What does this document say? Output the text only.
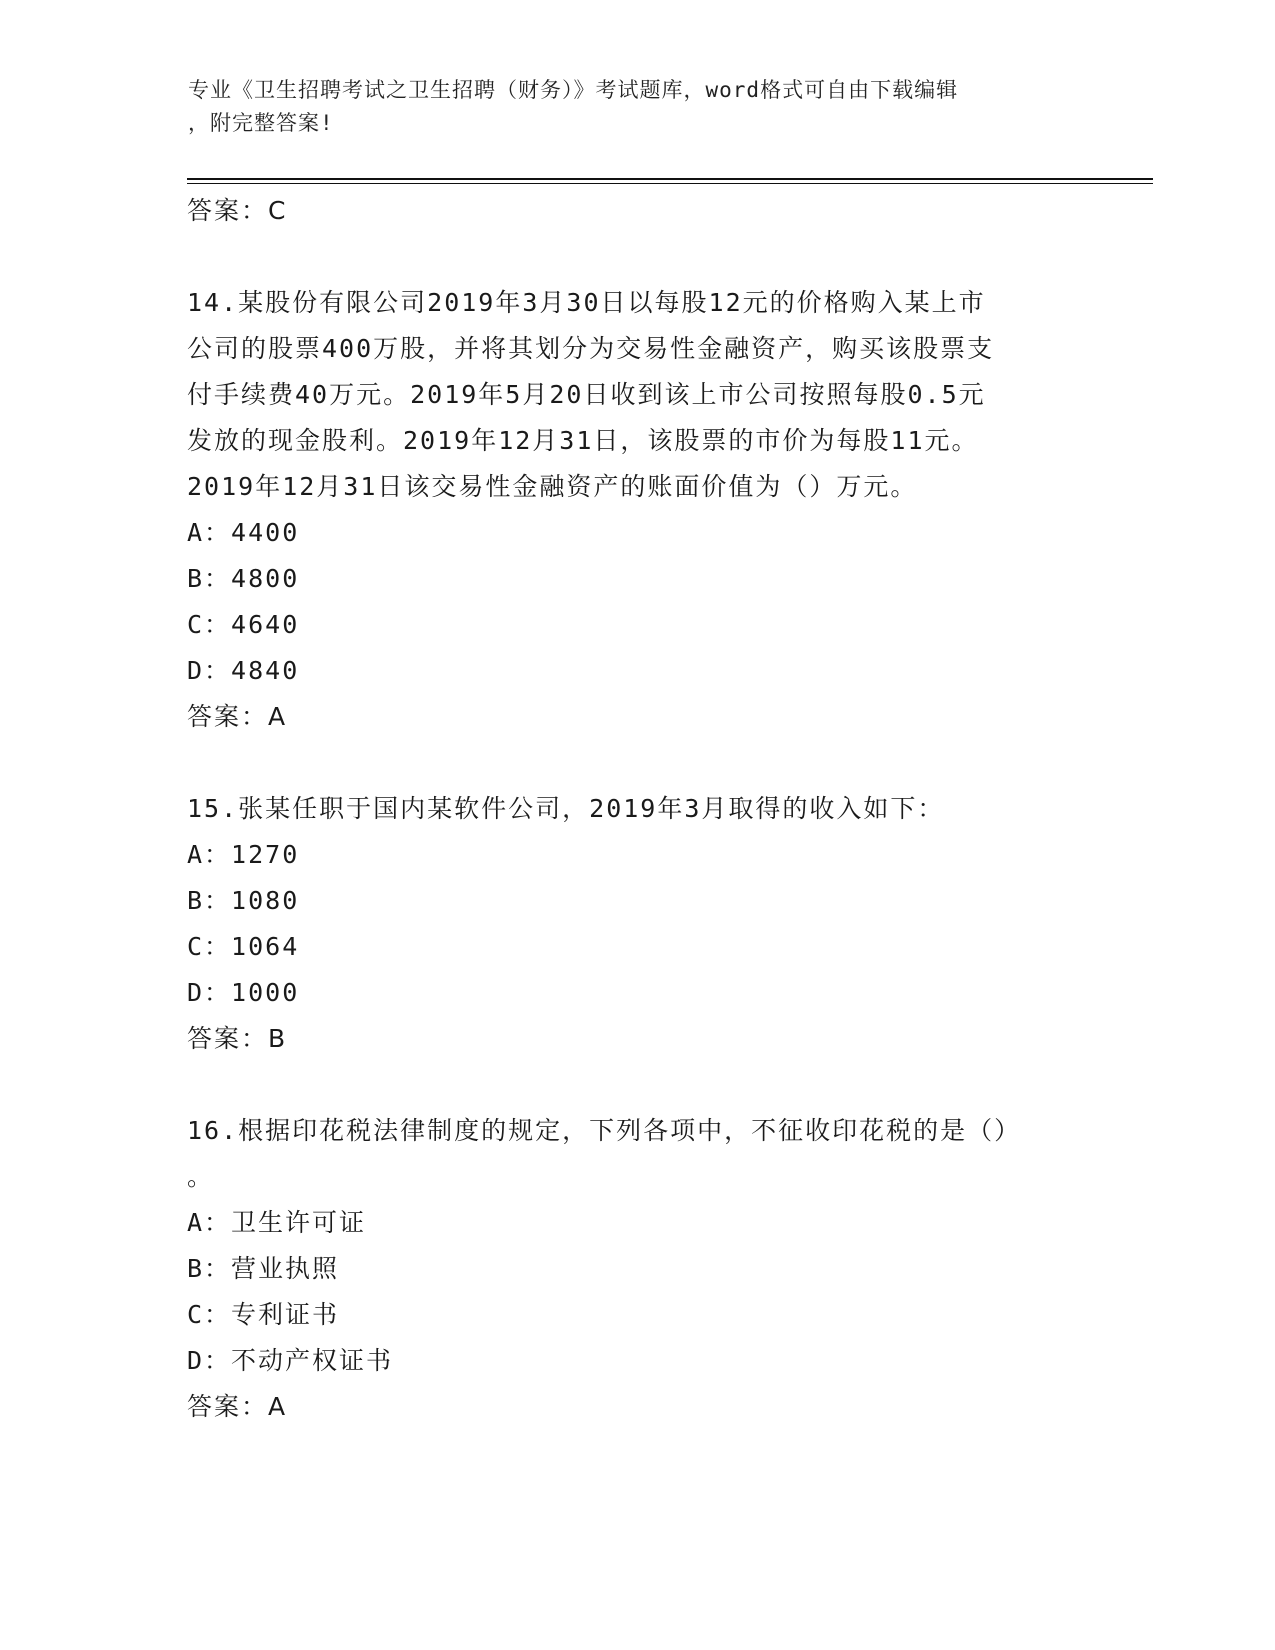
专业《卫生招聘考试之卫生招聘（财务）》考试题库，word格式可自由下载编辑
，附完整答案!
答案：C
14.某股份有限公司2019年3月30日以每股12元的价格购入某上市
公司的股票400万股，并将其划分为交易性金融资产，购买该股票支
付手续费40万元。2019年5月20日收到该上市公司按照每股0.5元
发放的现金股利。2019年12月31日，该股票的市价为每股11元。
2019年12月31日该交易性金融资产的账面价值为（）万元。
A：4400
B：4800
C：4640
D：4840
答案：A
15.张某任职于国内某软件公司，2019年3月取得的收入如下：
A：1270
B：1080
C：1064
D：1000
答案：B
16.根据印花税法律制度的规定，下列各项中，不征收印花税的是（）
。
A：卫生许可证
B：营业执照
C：专利证书
D：不动产权证书
答案：A
